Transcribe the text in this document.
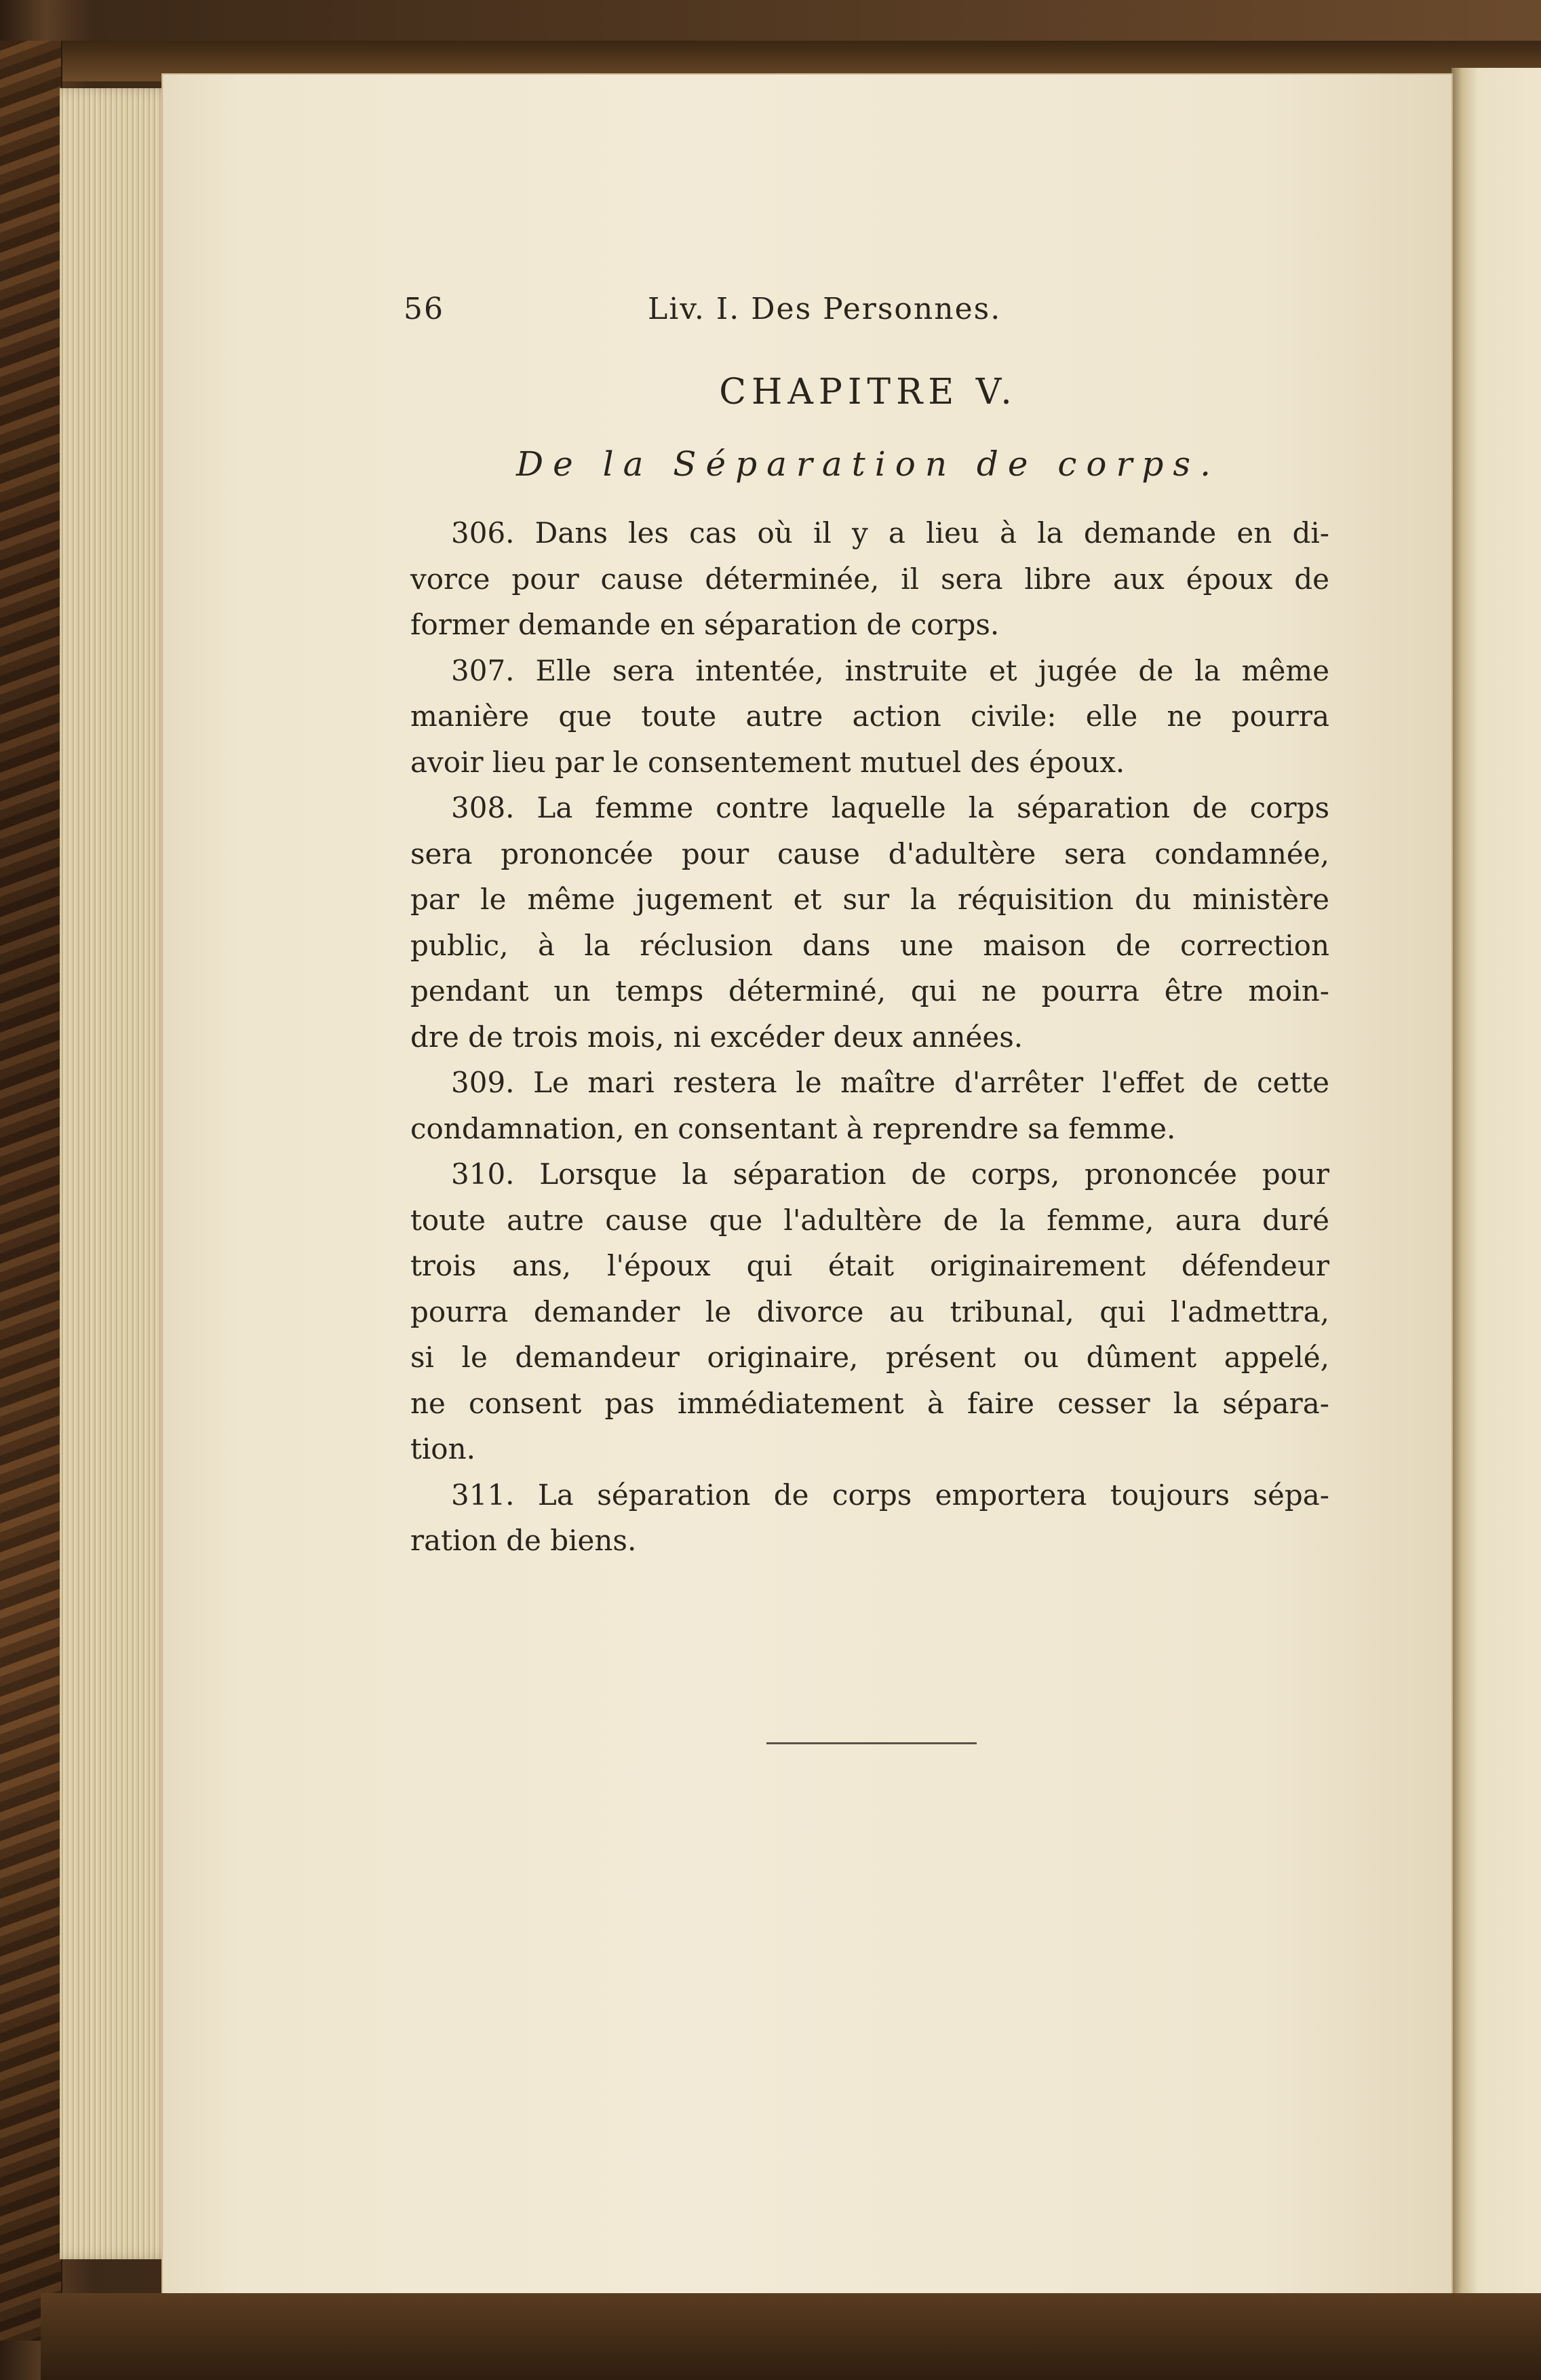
56	Liv. I. Des Personnes.
CHAPITRE V.
De la Séparation de corps.
306. Dans les cas où il y a lieu à la demande en di-
vorce pour cause déterminée, il sera libre aux époux de
former demande en séparation de corps.
307. Elle sera intentée, instruite et jugée de la même
manière que toute autre action civile: elle ne pourra
avoir lieu par le consentement mutuel des époux.
308. La femme contre laquelle la séparation de corps
sera prononcée pour cause d'adultère sera condamnée,
par le même jugement et sur la réquisition du ministère
public, à la réclusion dans une maison de correction
pendant un temps déterminé, qui ne pourra être moin-
dre de trois mois, ni excéder deux années.
309. Le mari restera le maître d'arrêter l'effet de cette
condamnation, en consentant à reprendre sa femme.
310. Lorsque la séparation de corps, prononcée pour
toute autre cause que l'adultère de la femme, aura duré
trois ans, l'époux qui était originairement défendeur
pourra demander le divorce au tribunal, qui l'admettra,
si le demandeur originaire, présent ou dûment appelé,
ne consent pas immédiatement à faire cesser la sépara-
tion.
311. La séparation de corps emportera toujours sépa-
ration de biens.
